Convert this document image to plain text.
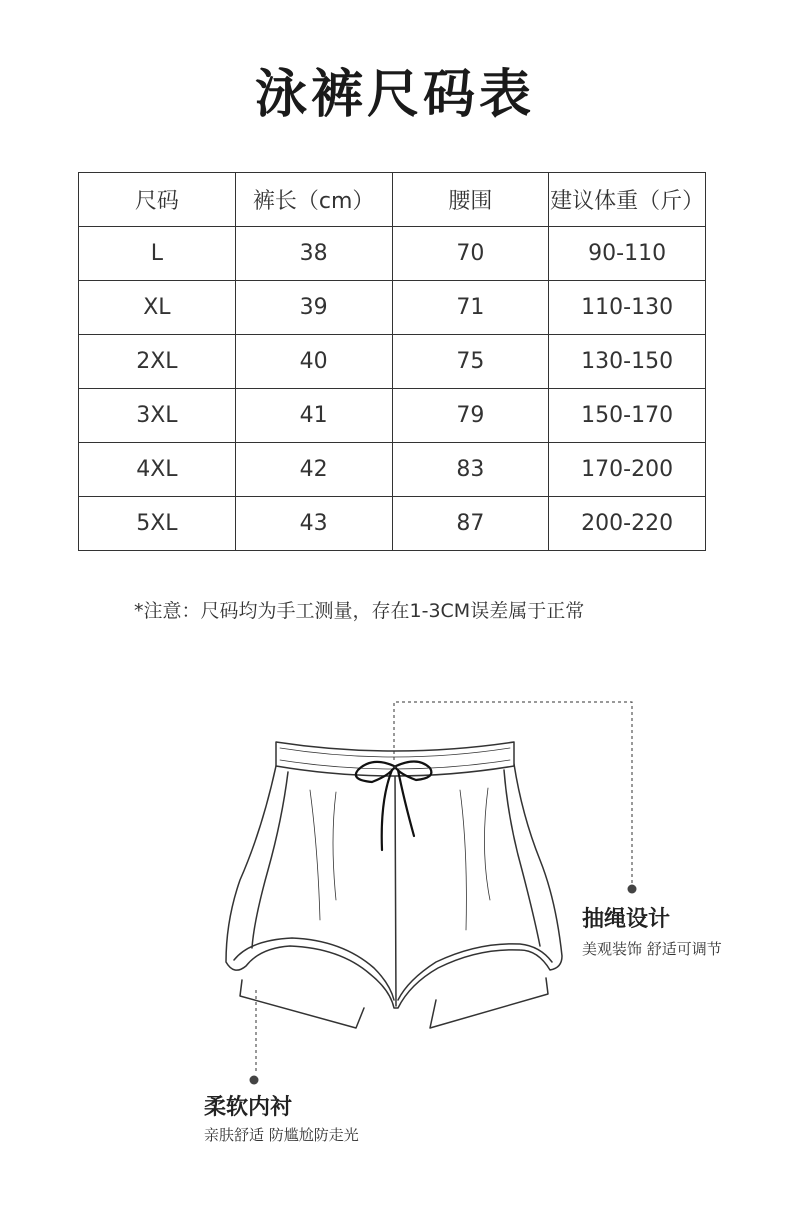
泳裤尺码表
尺码	裤长（cm）	腰围	建议体重（斤）
L	38	70	90-110
XL	39	71	110-130
2XL	40	75	130-150
3XL	41	79	150-170
4XL	42	83	170-200
5XL	43	87	200-220
*注意：尺码均为手工测量，存在1-3CM误差属于正常
抽绳设计
美观装饰 舒适可调节
柔软内衬
亲肤舒适 防尴尬防走光
